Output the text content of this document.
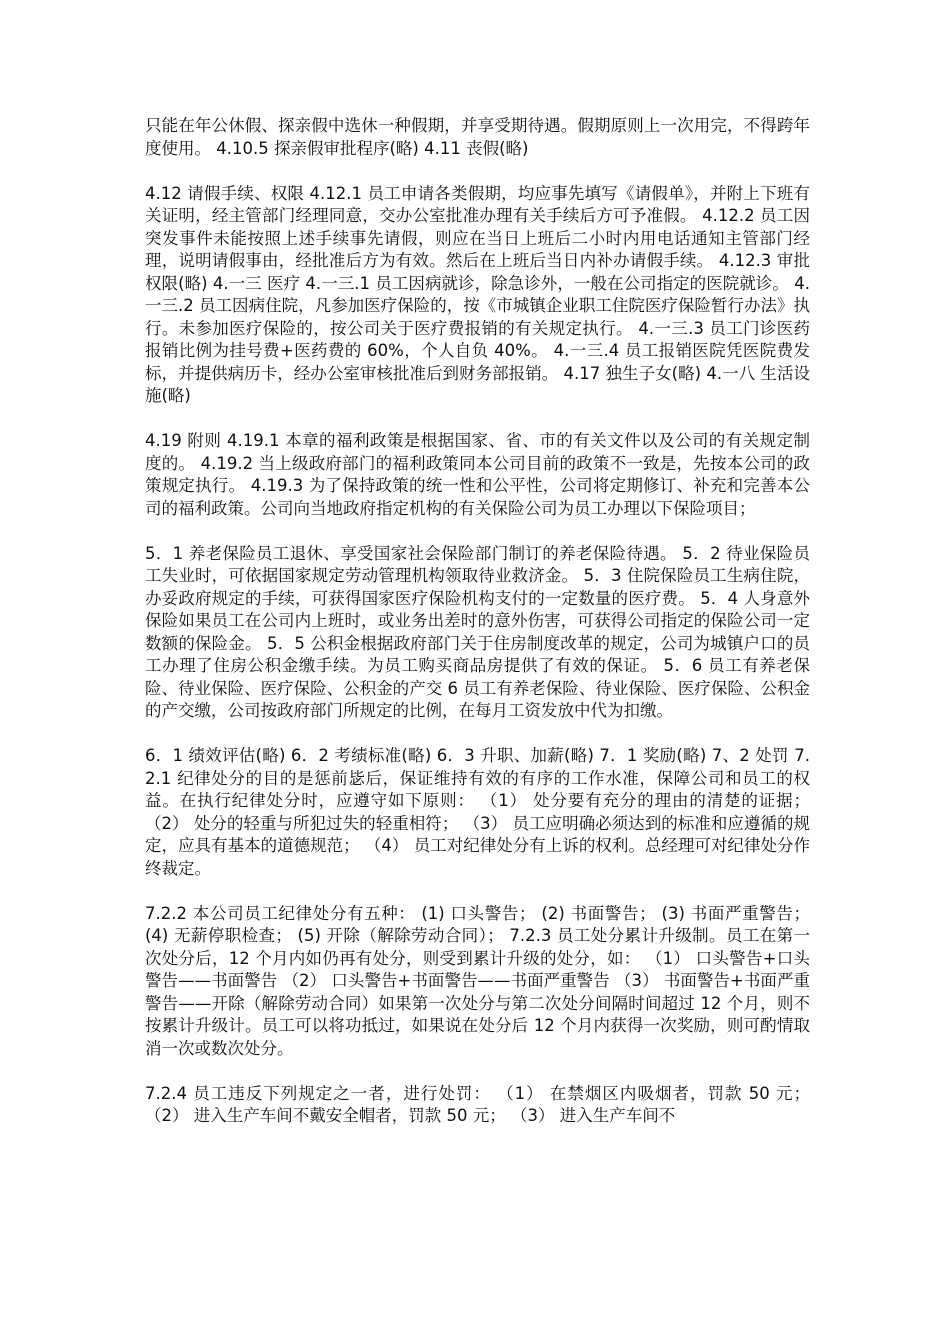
只能在年公休假、探亲假中选休一种假期，并享受期待遇。假期原则上一次用完，不得跨年度使用。 4.10.5 探亲假审批程序(略) 4.11 丧假(略)

4.12 请假手续、权限 4.12.1 员工申请各类假期，均应事先填写《请假单》，并附上下班有关证明，经主管部门经理同意，交办公室批准办理有关手续后方可予准假。 4.12.2 员工因突发事件未能按照上述手续事先请假，则应在当日上班后二小时内用电话通知主管部门经理，说明请假事由，经批准后方为有效。然后在上班后当日内补办请假手续。 4.12.3 审批权限(略) 4.一三 医疗 4.一三.1 员工因病就诊，除急诊外，一般在公司指定的医院就诊。 4.一三.2 员工因病住院，凡参加医疗保险的，按《市城镇企业职工住院医疗保险暂行办法》执行。未参加医疗保险的，按公司关于医疗费报销的有关规定执行。 4.一三.3 员工门诊医药报销比例为挂号费+医药费的 60%，个人自负 40%。 4.一三.4 员工报销医院凭医院费发标，并提供病历卡，经办公室审核批准后到财务部报销。 4.17 独生子女(略) 4.一八 生活设施(略)

4.19 附则 4.19.1 本章的福利政策是根据国家、省、市的有关文件以及公司的有关规定制度的。 4.19.2 当上级政府部门的福利政策同本公司目前的政策不一致是，先按本公司的政策规定执行。 4.19.3 为了保持政策的统一性和公平性，公司将定期修订、补充和完善本公司的福利政策。公司向当地政府指定机构的有关保险公司为员工办理以下保险项目；

5．1 养老保险员工退休、享受国家社会保险部门制订的养老保险待遇。 5．2 待业保险员工失业时，可依据国家规定劳动管理机构领取待业救济金。 5．3 住院保险员工生病住院，办妥政府规定的手续，可获得国家医疗保险机构支付的一定数量的医疗费。 5．4 人身意外保险如果员工在公司内上班时，或业务出差时的意外伤害，可获得公司指定的保险公司一定数额的保险金。 5．5 公积金根据政府部门关于住房制度改革的规定，公司为城镇户口的员工办理了住房公积金缴手续。为员工购买商品房提供了有效的保证。 5．6 员工有养老保险、待业保险、医疗保险、公积金的产交 6 员工有养老保险、待业保险、医疗保险、公积金的产交缴，公司按政府部门所规定的比例，在每月工资发放中代为扣缴。

6．1 绩效评估(略) 6．2 考绩标准(略) 6．3 升职、加薪(略) 7．1 奖励(略) 7、2 处罚 7.2.1 纪律处分的目的是惩前毖后，保证维持有效的有序的工作水准，保障公司和员工的权益。在执行纪律处分时，应遵守如下原则： （1） 处分要有充分的理由的清楚的证据； （2） 处分的轻重与所犯过失的轻重相符； （3） 员工应明确必须达到的标准和应遵循的规定，应具有基本的道德规范； （4） 员工对纪律处分有上诉的权利。总经理可对纪律处分作终裁定。

7.2.2 本公司员工纪律处分有五种： (1) 口头警告； (2) 书面警告； (3) 书面严重警告； (4) 无薪停职检查； (5) 开除（解除劳动合同）； 7.2.3 员工处分累计升级制。员工在第一次处分后，12 个月内如仍再有处分，则受到累计升级的处分，如： （1） 口头警告+口头警告——书面警告 （2） 口头警告+书面警告——书面严重警告 （3） 书面警告+书面严重警告——开除（解除劳动合同）如果第一次处分与第二次处分间隔时间超过 12 个月，则不按累计升级计。员工可以将功抵过，如果说在处分后 12 个月内获得一次奖励，则可酌情取消一次或数次处分。

7.2.4 员工违反下列规定之一者，进行处罚： （1） 在禁烟区内吸烟者，罚款 50 元； （2） 进入生产车间不戴安全帽者，罚款 50 元； （3） 进入生产车间不
